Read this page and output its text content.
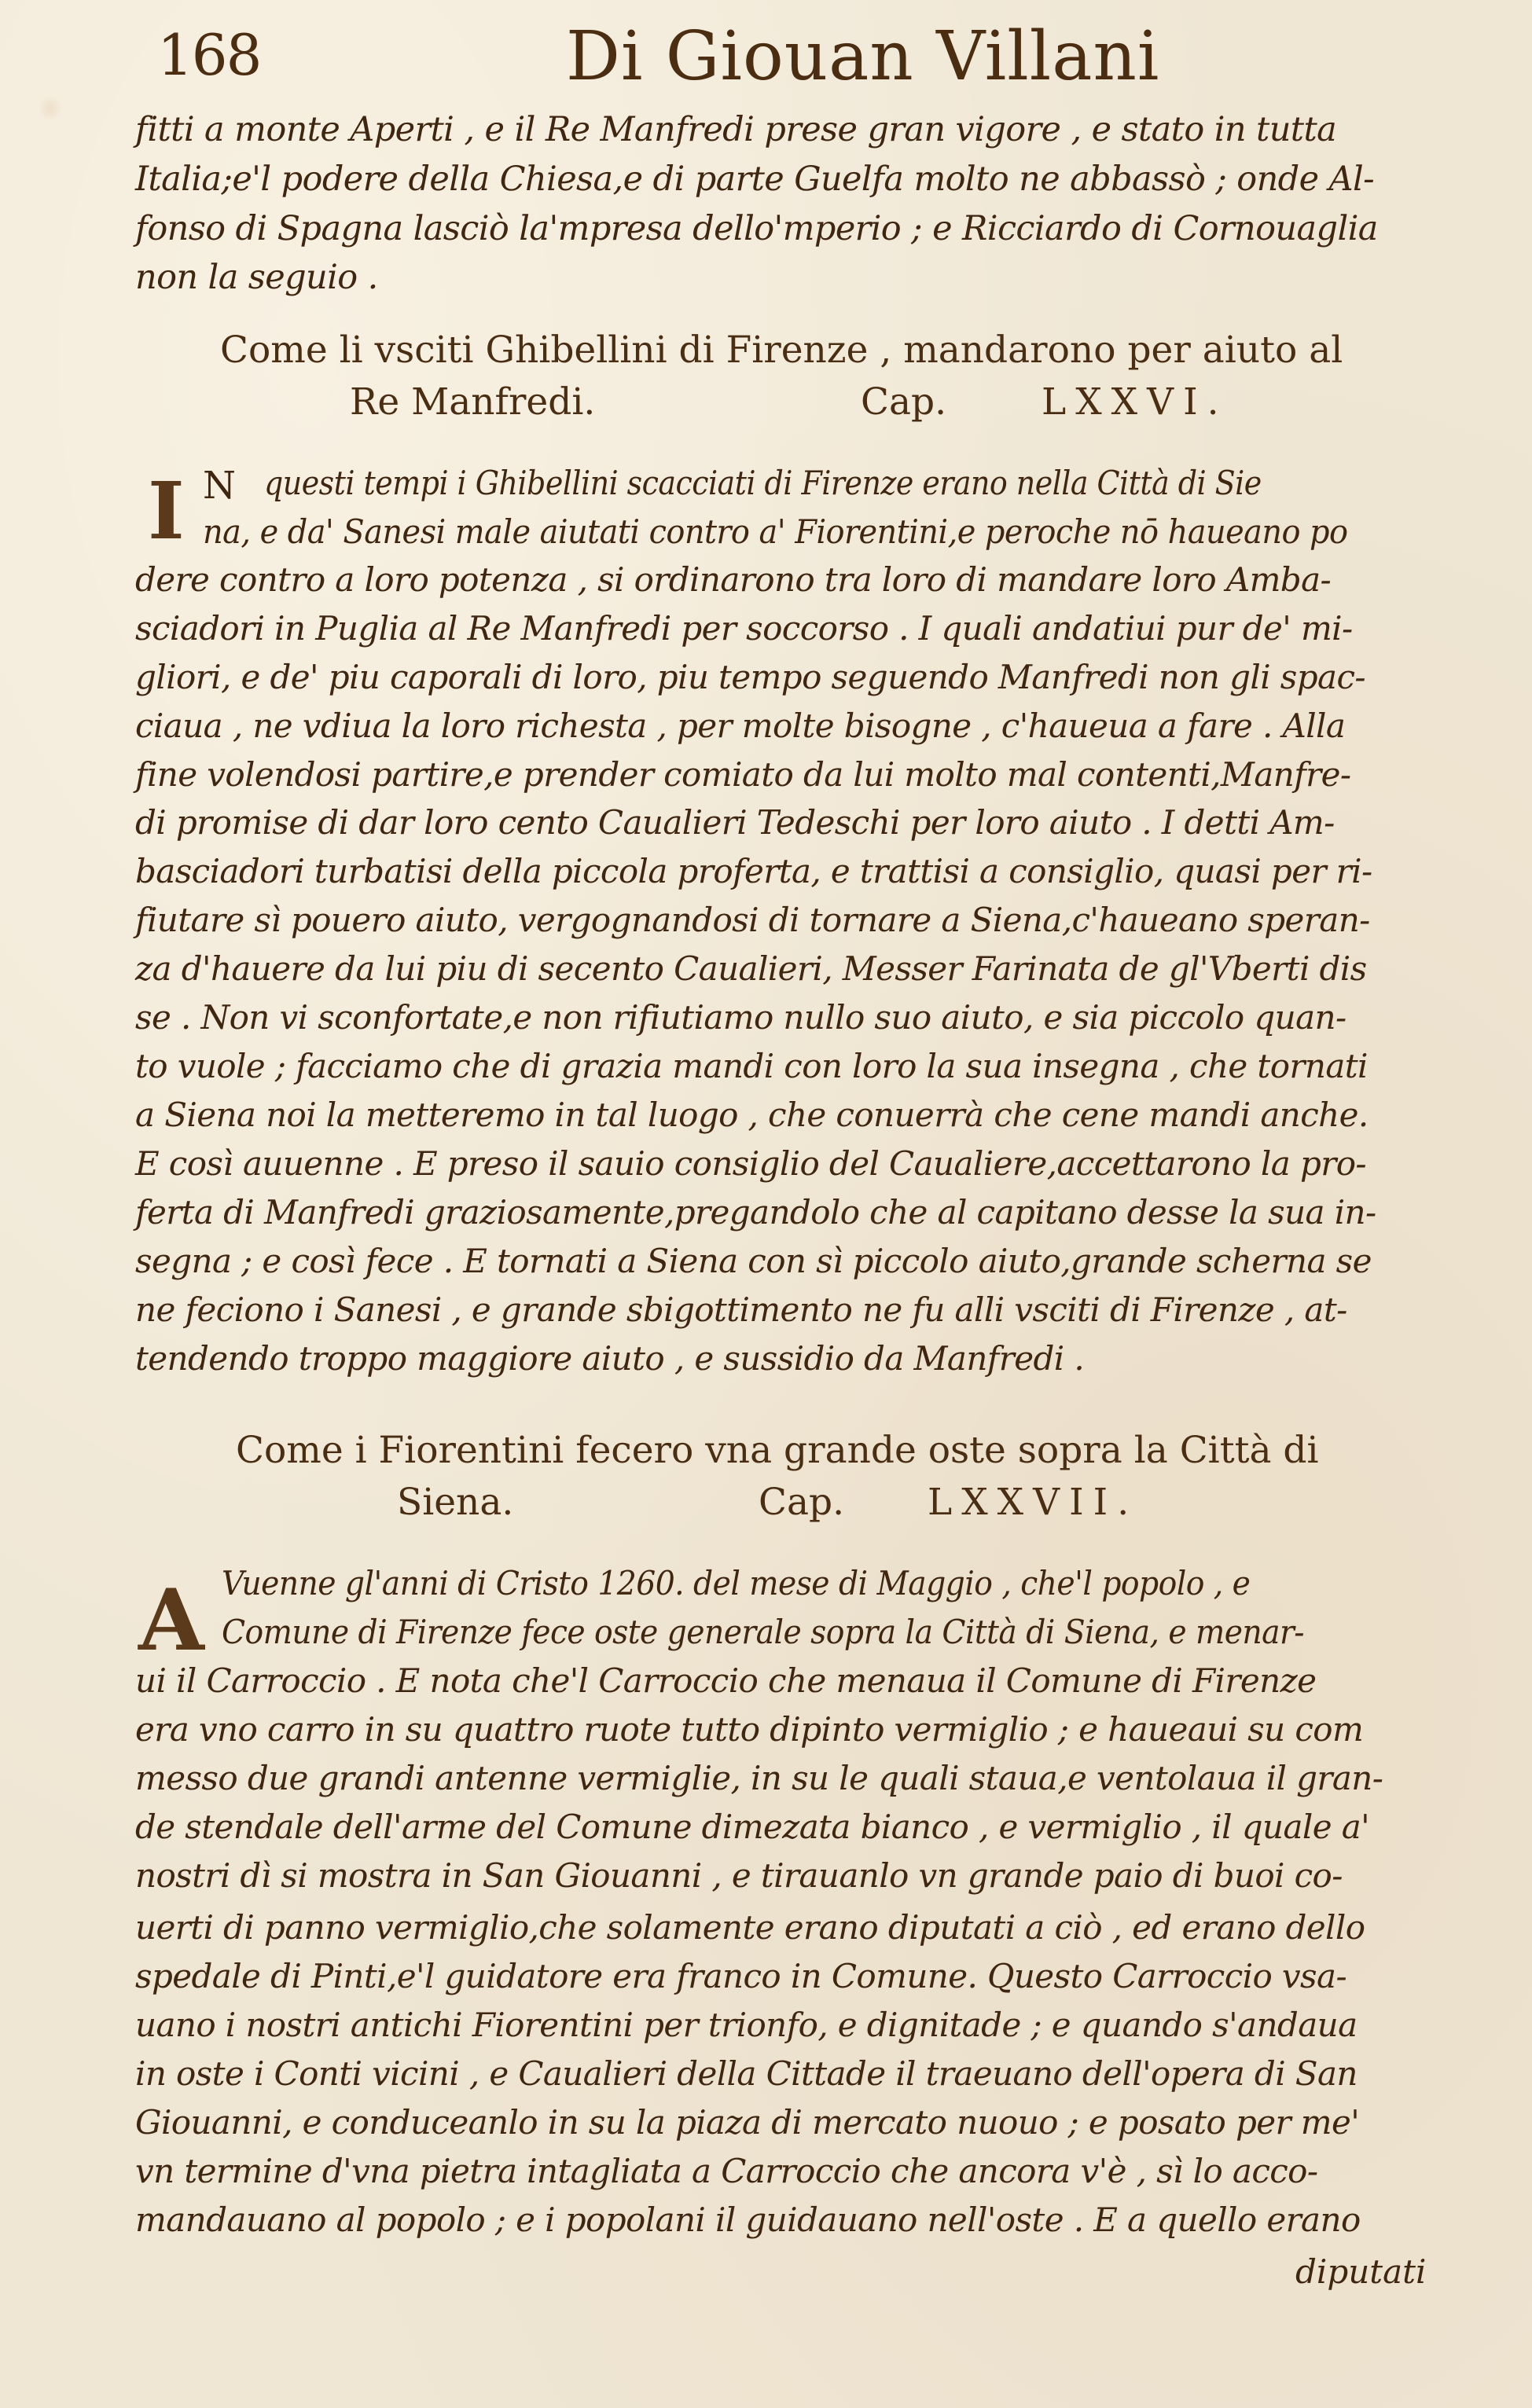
168	Di Giouan Villani
fitti a monte Aperti , e il Re Manfredi prese gran vigore , e stato in tutta
Italia;e'l podere della Chiesa,e di parte Guelfa molto ne abbassò ; onde Al-
fonso di Spagna lasciò la'mpresa dello'mperio ; e Ricciardo di Cornouaglia
non la seguio .
Come li vsciti Ghibellini di Firenze , mandarono per aiuto al
Re Manfredi.	Cap.	LXXVI.
I N questi tempi i Ghibellini scacciati di Firenze erano nella Città di Sie
na, e da' Sanesi male aiutati contro a' Fiorentini,e peroche nō haueano po
dere contro a loro potenza , si ordinarono tra loro di mandare loro Amba-
sciadori in Puglia al Re Manfredi per soccorso . I quali andatiui pur de' mi-
gliori, e de' piu caporali di loro, piu tempo seguendo Manfredi non gli spac-
ciaua , ne vdiua la loro richesta , per molte bisogne , c'haueua a fare . Alla
fine volendosi partire,e prender comiato da lui molto mal contenti,Manfre-
di promise di dar loro cento Caualieri Tedeschi per loro aiuto . I detti Am-
basciadori turbatisi della piccola proferta, e trattisi a consiglio, quasi per ri-
fiutare sì pouero aiuto, vergognandosi di tornare a Siena,c'haueano speran-
za d'hauere da lui piu di secento Caualieri, Messer Farinata de gl'Vberti dis
se . Non vi sconfortate,e non rifiutiamo nullo suo aiuto, e sia piccolo quan-
to vuole ; facciamo che di grazia mandi con loro la sua insegna , che tornati
a Siena noi la metteremo in tal luogo , che conuerrà che cene mandi anche.
E così auuenne . E preso il sauio consiglio del Caualiere,accettarono la pro-
ferta di Manfredi graziosamente,pregandolo che al capitano desse la sua in-
segna ; e così fece . E tornati a Siena con sì piccolo aiuto,grande scherna se
ne feciono i Sanesi , e grande sbigottimento ne fu alli vsciti di Firenze , at-
tendendo troppo maggiore aiuto , e sussidio da Manfredi .
Come i Fiorentini fecero vna grande oste sopra la Città di
Siena.	Cap. LXXVII.
A Vuenne gl'anni di Cristo 1260. del mese di Maggio , che'l popolo , e
Comune di Firenze fece oste generale sopra la Città di Siena, e menar-
ui il Carroccio . E nota che'l Carroccio che menaua il Comune di Firenze
era vno carro in su quattro ruote tutto dipinto vermiglio ; e haueaui su com
messo due grandi antenne vermiglie, in su le quali staua,e ventolaua il gran-
de stendale dell'arme del Comune dimezata bianco , e vermiglio , il quale a'
nostri dì si mostra in San Giouanni , e tirauanlo vn grande paio di buoi co-
uerti di panno vermiglio,che solamente erano diputati a ciò , ed erano dello
spedale di Pinti,e'l guidatore era franco in Comune. Questo Carroccio vsa-
uano i nostri antichi Fiorentini per trionfo, e dignitade ; e quando s'andaua
in oste i Conti vicini , e Caualieri della Cittade il traeuano dell'opera di San
Giouanni, e conduceanlo in su la piaza di mercato nuouo ; e posato per me'
vn termine d'vna pietra intagliata a Carroccio che ancora v'è , sì lo acco-
mandauano al popolo ; e i popolani il guidauano nell'oste . E a quello erano
diputati
